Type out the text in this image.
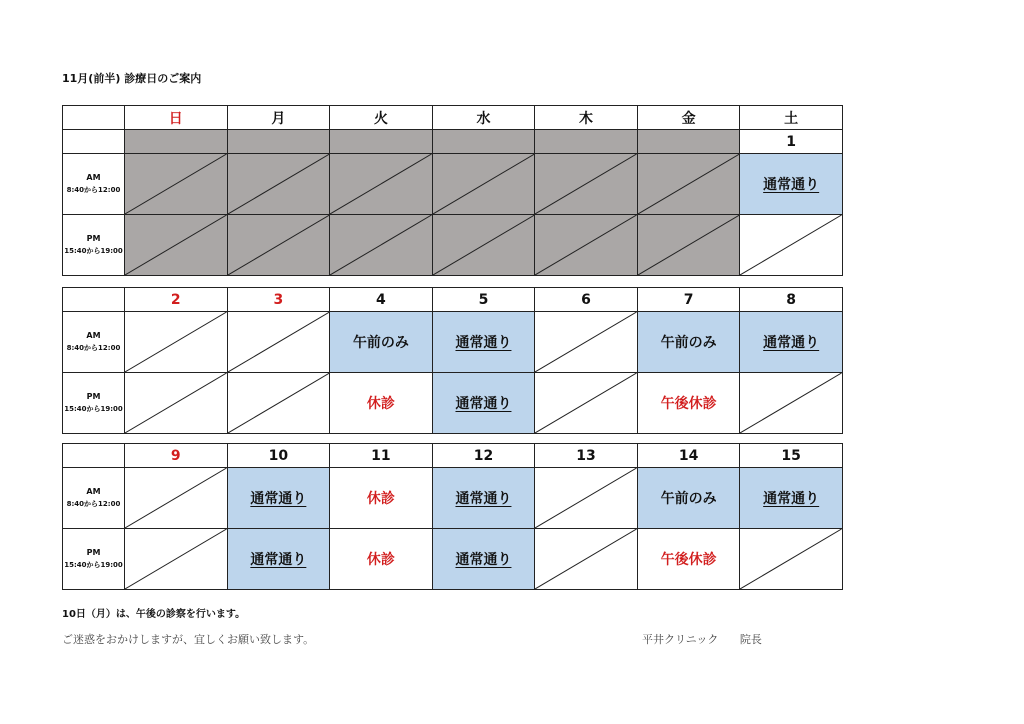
11月(前半) 診療日のご案内
	日	月	火	水	木	金	土
							1

AM
8:40から12:00							通常通り

PM
15:40から19:00

	2	3	4	5	6	7	8

AM
8:40から12:00			午前のみ	通常通り		午前のみ	通常通り

PM
15:40から19:00			休診	通常通り		午後休診	
	9	10	11	12	13	14	15

AM
8:40から12:00		通常通り	休診	通常通り		午前のみ	通常通り

PM
15:40から19:00		通常通り	休診	通常通り		午後休診	
10日（月）は、午後の診察を行います。
ご迷惑をおかけしますが、宜しくお願い致します。	平井クリニック 院長
